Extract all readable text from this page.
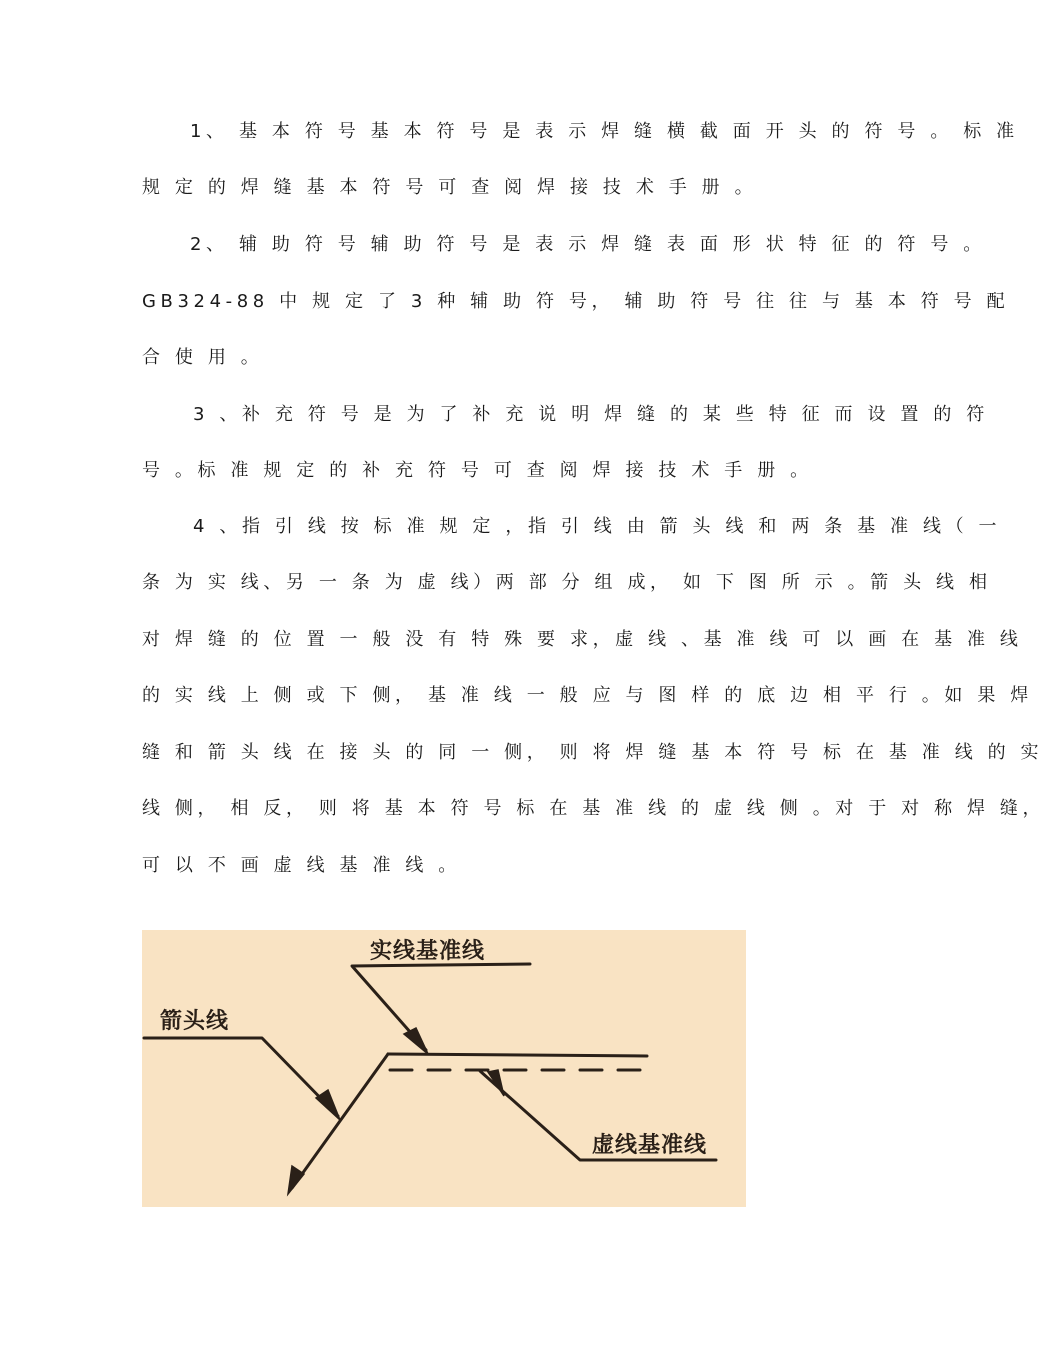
1、 基 本 符 号 基 本 符 号 是 表 示 焊 缝 横 截 面 开 头 的 符 号 。 标 准
规 定 的 焊 缝 基 本 符 号 可 查 阅 焊 接 技 术 手 册 。
2、 辅 助 符 号 辅 助 符 号 是 表 示 焊 缝 表 面 形 状 特 征 的 符 号 。
GB324-88 中 规 定 了 3 种 辅 助 符 号， 辅 助 符 号 往 往 与 基 本 符 号 配
合 使 用 。
3 、补 充 符 号 是 为 了 补 充 说 明 焊 缝 的 某 些 特 征 而 设 置 的 符
号 。标 准 规 定 的 补 充 符 号 可 查 阅 焊 接 技 术 手 册 。
4 、指 引 线 按 标 准 规 定 ，指 引 线 由 箭 头 线 和 两 条 基 准 线（ 一
条 为 实 线、另 一 条 为 虚 线）两 部 分 组 成， 如 下 图 所 示 。箭 头 线 相
对 焊 缝 的 位 置 一 般 没 有 特 殊 要 求，虚 线 、基 准 线 可 以 画 在 基 准 线
的 实 线 上 侧 或 下 侧， 基 准 线 一 般 应 与 图 样 的 底 边 相 平 行 。如 果 焊
缝 和 箭 头 线 在 接 头 的 同 一 侧， 则 将 焊 缝 基 本 符 号 标 在 基 准 线 的 实
线 侧， 相 反， 则 将 基 本 符 号 标 在 基 准 线 的 虚 线 侧 。对 于 对 称 焊 缝，
可 以 不 画 虚 线 基 准 线 。
实线基准线
箭头线
虚线基准线
